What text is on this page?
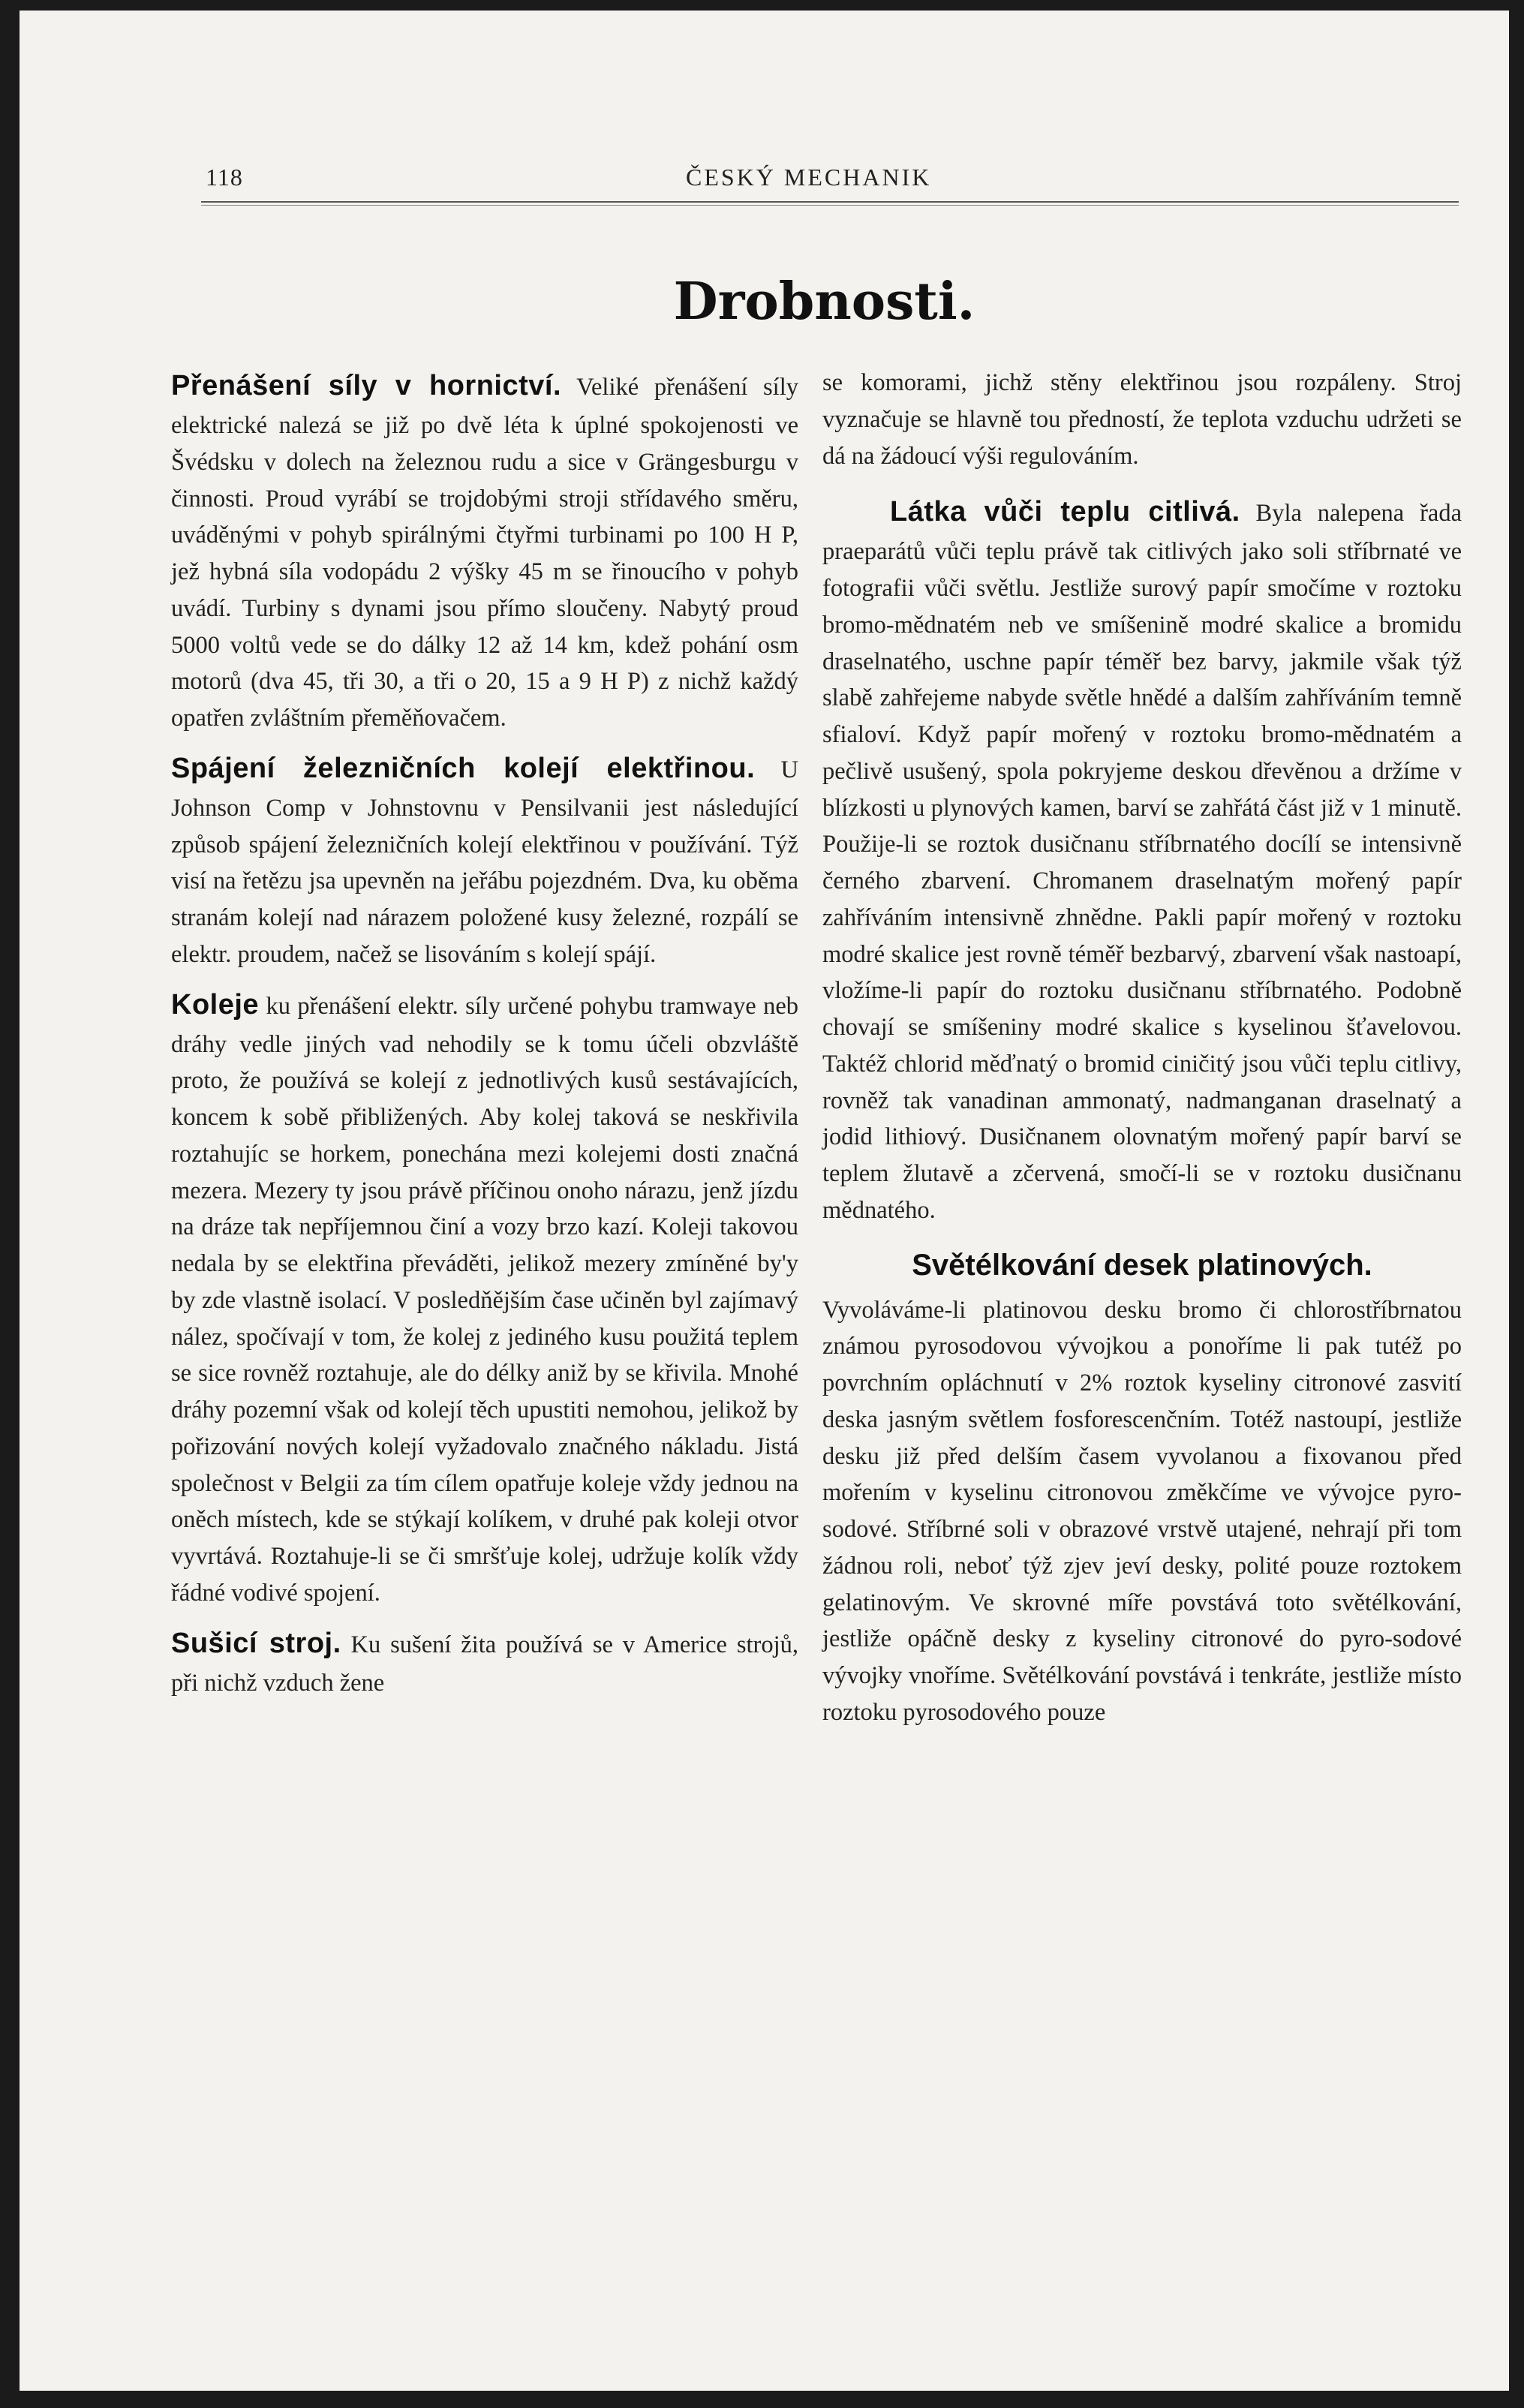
118	ČESKÝ MECHANIK
Drobnosti.

Přenášení síly v hornictví. Veliké přenášení síly elektrické nalezá se již po dvě léta k úplné spokojenosti ve Švédsku v dolech na železnou rudu a sice v Grängesburgu v činnosti. Proud vyrábí se trojdobými stroji střídavého směru, uváděnými v pohyb spirálnými čtyřmi turbinami po 100 H P, jež hybná síla vodopádu 2 výšky 45 m se řinoucího v pohyb uvádí. Turbiny s dynami jsou přímo sloučeny. Nabytý proud 5000 voltů vede se do dálky 12 až 14 km, kdež pohání osm motorů (dva 45, tři 30, a tři o 20, 15 a 9 H P) z nichž každý opatřen zvláštním přeměňovačem.

Spájení železničních kolejí elektřinou. U Johnson Comp v Johnstovnu v Pensilvanii jest následující způsob spájení železničních kolejí elektřinou v používání. Týž visí na řetězu jsa upevněn na jeřábu pojezdném. Dva, ku oběma stranám kolejí nad nárazem položené kusy železné, rozpálí se elektr. proudem, načež se lisováním s kolejí spájí.

Koleje ku přenášení elektr. síly určené pohybu tramwaye neb dráhy vedle jiných vad nehodily se k tomu účeli obzvláště proto, že používá se kolejí z jednotlivých kusů sestávajících, koncem k sobě přibližených. Aby kolej taková se neskřivila roztahujíc se horkem, ponechána mezi kolejemi dosti značná mezera. Mezery ty jsou právě příčinou onoho nárazu, jenž jízdu na dráze tak nepříjemnou činí a vozy brzo kazí. Koleji takovou nedala by se elektřina převáděti, jelikož mezery zmíněné by'y by zde vlastně isolací. V posledňějším čase učiněn byl zajímavý nález, spočívají v tom, že kolej z jediného kusu použitá teplem se sice rovněž roztahuje, ale do délky aniž by se křivila. Mnohé dráhy pozemní však od kolejí těch upustiti nemohou, jelikož by pořizování nových kolejí vyžadovalo značného nákladu. Jistá společnost v Belgii za tím cílem opatřuje koleje vždy jednou na oněch místech, kde se stýkají kolíkem, v druhé pak koleji otvor vyvrtává. Roztahuje-li se či smršťuje kolej, udržuje kolík vždy řádné vodivé spojení.

Sušicí stroj. Ku sušení žita používá se v Americe strojů, při nichž vzduch žene

se komorami, jichž stěny elektřinou jsou rozpáleny. Stroj vyznačuje se hlavně tou předností, že teplota vzduchu udržeti se dá na žádoucí výši regulováním.

Látka vůči teplu citlivá. Byla nalepena řada praeparátů vůči teplu právě tak citlivých jako soli stříbrnaté ve fotografii vůči světlu. Jestliže surový papír smočíme v roztoku bromo-mědnatém neb ve smíšenině modré skalice a bromidu draselnatého, uschne papír téměř bez barvy, jakmile však týž slabě zahřejeme nabyde světle hnědé a dalším zahříváním temně sfialoví. Když papír mořený v roztoku bromo-mědnatém a pečlivě usušený, spola pokryjeme deskou dřevěnou a držíme v blízkosti u plynových kamen, barví se zahřátá část již v 1 minutě. Použije-li se roztok dusičnanu stříbrnatého docílí se intensivně černého zbarvení. Chromanem draselnatým mořený papír zahříváním intensivně zhnědne. Pakli papír mořený v roztoku modré skalice jest rovně téměř bezbarvý, zbarvení však nastoapí, vložíme-li papír do roztoku dusičnanu stříbrnatého. Podobně chovají se smíšeniny modré skalice s kyselinou šťavelovou. Taktéž chlorid měďnatý o bromid ciničitý jsou vůči teplu citlivy, rovněž tak vanadinan ammonatý, nadmanganan draselnatý a jodid lithiový. Dusičnanem olovnatým mořený papír barví se teplem žlutavě a zčervená, smočí-li se v roztoku dusičnanu mědnatého.

Světélkování desek platinových.

Vyvoláváme-li platinovou desku bromo či chlorostříbrnatou známou pyrosodovou vývojkou a ponoříme li pak tutéž po povrchním opláchnutí v 2% roztok kyseliny citronové zasvití deska jasným světlem fosforescenčním. Totéž nastoupí, jestliže desku již před delším časem vyvolanou a fixovanou před mořením v kyselinu citronovou změkčíme ve vývojce pyro-sodové. Stříbrné soli v obrazové vrstvě utajené, nehrají při tom žádnou roli, neboť týž zjev jeví desky, polité pouze roztokem gelatinovým. Ve skrovné míře povstává toto světélkování, jestliže opáčně desky z kyseliny citronové do pyro-sodové vývojky vnoříme. Světélkování povstává i tenkráte, jestliže místo roztoku pyrosodového pouze
